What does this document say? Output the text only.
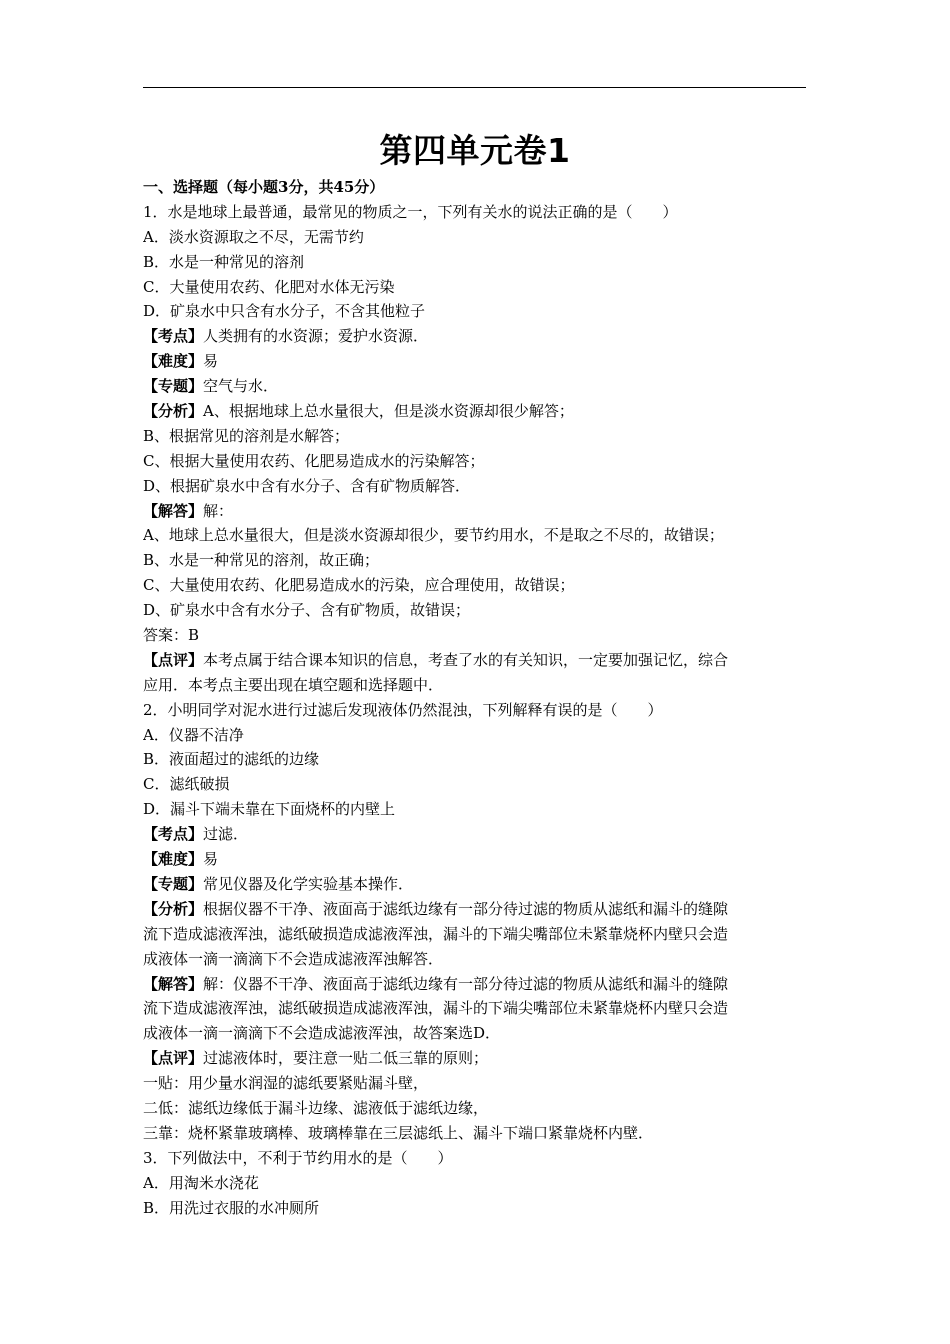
第四单元卷1
一、选择题（每小题3分，共45分）
1．水是地球上最普通，最常见的物质之一，下列有关水的说法正确的是（　　）
A．淡水资源取之不尽，无需节约
B．水是一种常见的溶剂
C．大量使用农药、化肥对水体无污染
D．矿泉水中只含有水分子，不含其他粒子
【考点】人类拥有的水资源；爱护水资源．
【难度】易
【专题】空气与水．
【分析】A、根据地球上总水量很大，但是淡水资源却很少解答；
B、根据常见的溶剂是水解答；
C、根据大量使用农药、化肥易造成水的污染解答；
D、根据矿泉水中含有水分子、含有矿物质解答．
【解答】解：
A、地球上总水量很大，但是淡水资源却很少，要节约用水，不是取之不尽的，故错误；
B、水是一种常见的溶剂，故正确；
C、大量使用农药、化肥易造成水的污染，应合理使用，故错误；
D、矿泉水中含有水分子、含有矿物质，故错误；
答案：B
【点评】本考点属于结合课本知识的信息，考查了水的有关知识，一定要加强记忆，综合
应用．本考点主要出现在填空题和选择题中．
2．小明同学对泥水进行过滤后发现液体仍然混浊，下列解释有误的是（　　）
A．仪器不洁净
B．液面超过的滤纸的边缘
C．滤纸破损
D．漏斗下端未靠在下面烧杯的内壁上
【考点】过滤．
【难度】易
【专题】常见仪器及化学实验基本操作．
【分析】根据仪器不干净、液面高于滤纸边缘有一部分待过滤的物质从滤纸和漏斗的缝隙
流下造成滤液浑浊，滤纸破损造成滤液浑浊，漏斗的下端尖嘴部位未紧靠烧杯内壁只会造
成液体一滴一滴滴下不会造成滤液浑浊解答．
【解答】解：仪器不干净、液面高于滤纸边缘有一部分待过滤的物质从滤纸和漏斗的缝隙
流下造成滤液浑浊，滤纸破损造成滤液浑浊，漏斗的下端尖嘴部位未紧靠烧杯内壁只会造
成液体一滴一滴滴下不会造成滤液浑浊，故答案选D．
【点评】过滤液体时，要注意一贴二低三靠的原则；
一贴：用少量水润湿的滤纸要紧贴漏斗壁，
二低：滤纸边缘低于漏斗边缘、滤液低于滤纸边缘，
三靠：烧杯紧靠玻璃棒、玻璃棒靠在三层滤纸上、漏斗下端口紧靠烧杯内壁．
3．下列做法中，不利于节约用水的是（　　）
A．用淘米水浇花
B．用洗过衣服的水冲厕所
